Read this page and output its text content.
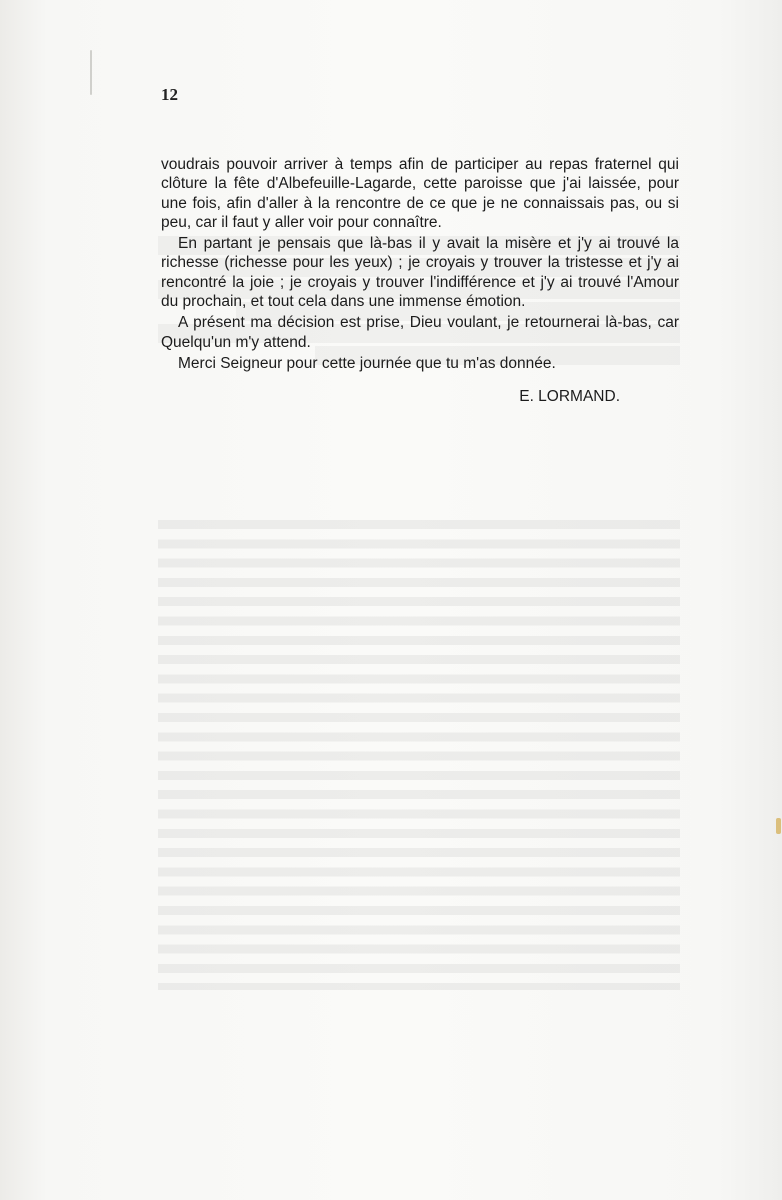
12

voudrais pouvoir arriver à temps afin de participer au repas fraternel qui clôture la fête d'Albefeuille-Lagarde, cette paroisse que j'ai laissée, pour une fois, afin d'aller à la rencontre de ce que je ne connaissais pas, ou si peu, car il faut y aller voir pour connaître.

En partant je pensais que là-bas il y avait la misère et j'y ai trouvé la richesse (richesse pour les yeux) ; je croyais y trouver la tristesse et j'y ai rencontré la joie ; je croyais y trouver l'indifférence et j'y ai trouvé l'Amour du prochain, et tout cela dans une immense émotion.

A présent ma décision est prise, Dieu voulant, je retournerai là-bas, car Quelqu'un m'y attend.

Merci Seigneur pour cette journée que tu m'as donnée.

E. LORMAND.
